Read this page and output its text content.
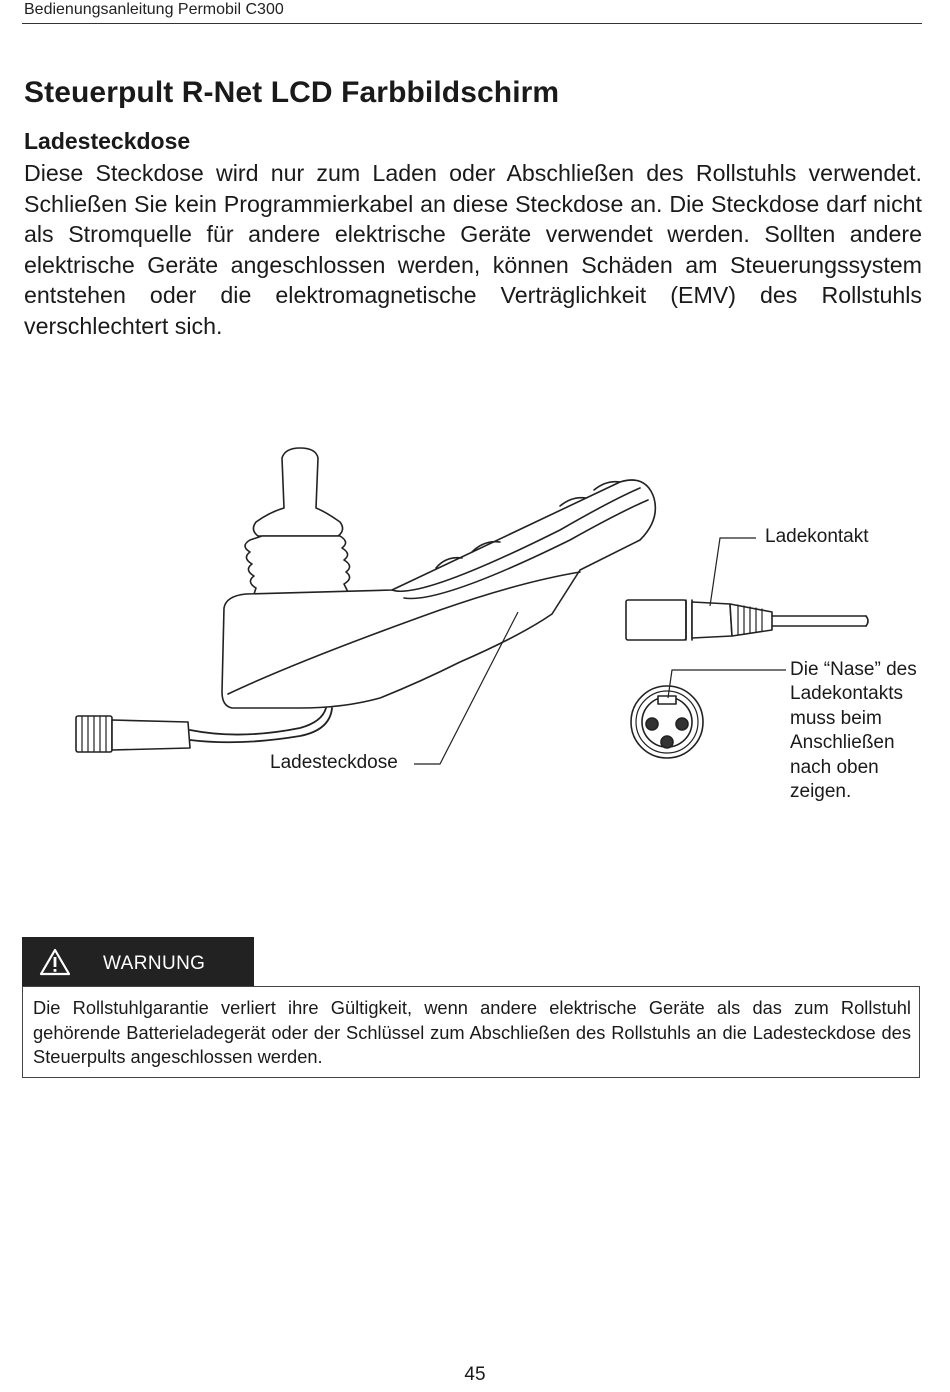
Bedienungsanleitung Permobil C300
Steuerpult R-Net LCD Farbbildschirm
Ladesteckdose

Diese Steckdose wird nur zum Laden oder Abschließen des Rollstuhls verwendet. Schließen Sie kein Programmierkabel an diese Steckdose an. Die Steckdose darf nicht als Stromquelle für andere elektrische Geräte verwendet werden. Sollten andere elektrische Geräte angeschlossen werden, können Schäden am Steuerungssystem entstehen oder die elektromagnetische Verträglichkeit (EMV) des Rollstuhls verschlechtert sich.

Ladekontakt
Ladesteckdose
Die “Nase” des Ladekontakts muss beim Anschließen nach oben zeigen.
WARNUNG

Die Rollstuhlgarantie verliert ihre Gültigkeit, wenn andere elektrische Geräte als das zum Rollstuhl gehörende Batterieladegerät oder der Schlüssel zum Abschließen des Rollstuhls an die Ladesteckdose des Steuerpults angeschlossen werden.

45
